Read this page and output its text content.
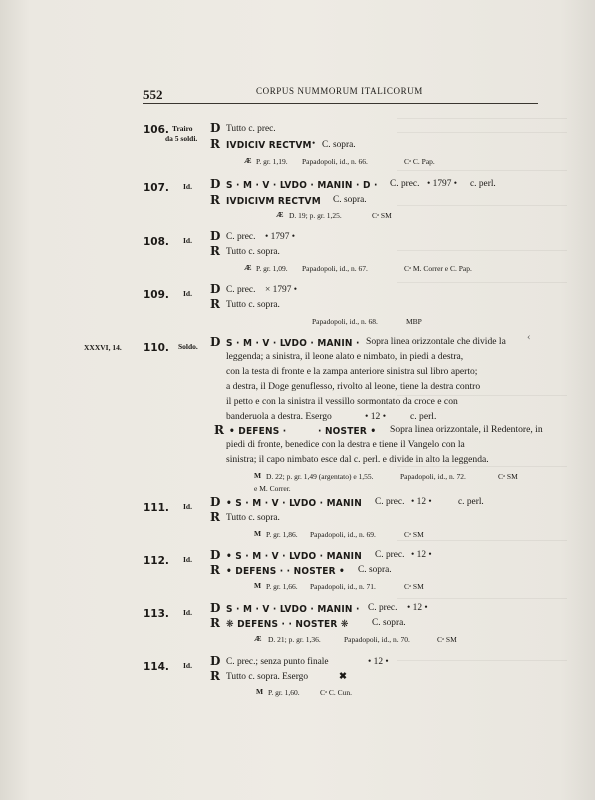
552	CORPUS NUMMORUM ITALICORUM
‹
106. Trairo
da 5 soldi.
D Tutto c. prec.
R IVDICIV RECTVM • C. sopra.
Æ P. gr. 1,19. Papadopoli, id., n. 66.	Cᵃ C. Pap.
107. Id. D S · M · V · LVDO · MANIN · D · C. prec. • 1797 • c. perl.
R IVDICIVM RECTVM C. sopra.
Æ D. 19; p. gr. 1,25.	Cᵃ SM
108. Id. D C. prec. • 1797 •
R Tutto c. sopra.
Æ P. gr. 1,09. Papadopoli, id., n. 67.	Cᵃ M. Correr e C. Pap.
109. Id. D C. prec. × 1797 •
R Tutto c. sopra.
Papadopoli, id., n. 68.	MBP
XXXVI, 14. 110. Soldo. D S · M · V · LVDO · MANIN · Sopra linea orizzontale che divide la
leggenda; a sinistra, il leone alato e nimbato, in piedi a destra,
con la testa di fronte e la zampa anteriore sinistra sul libro aperto;
a destra, il Doge genuflesso, rivolto al leone, tiene la destra contro
il petto e con la sinistra il vessillo sormontato da croce e con
banderuola a destra. Esergo	• 12 • c. perl.
R • DEFENS ·	· NOSTER • Sopra linea orizzontale, il Redentore, in
piedi di fronte, benedice con la destra e tiene il Vangelo con la
sinistra; il capo nimbato esce dal c. perl. e divide in alto la leggenda.
M D. 22; p. gr. 1,49 (argentato) e 1,55.	Papadopoli, id., n. 72.	Cᵃ SM
e M. Correr.
111. Id. D • S · M · V · LVDO · MANIN C. prec. • 12 •	c. perl.
R Tutto c. sopra.
M P. gr. 1,86. Papadopoli, id., n. 69.	Cᵃ SM
112. Id. D • S · M · V · LVDO · MANIN C. prec. • 12 •
R • DEFENS · · NOSTER • C. sopra.
M P. gr. 1,66. Papadopoli, id., n. 71.	Cᵃ SM
113. Id. D S · M · V · LVDO · MANIN · C. prec. • 12 •
R ❋ DEFENS · · NOSTER ❋ C. sopra.
Æ D. 21; p. gr. 1,36.	Papadopoli, id., n. 70.	Cᵃ SM
114. Id. D C. prec.; senza punto finale	• 12 •
R Tutto c. sopra. Esergo	✖
M P. gr. 1,60.	Cᵃ C. Cun.
